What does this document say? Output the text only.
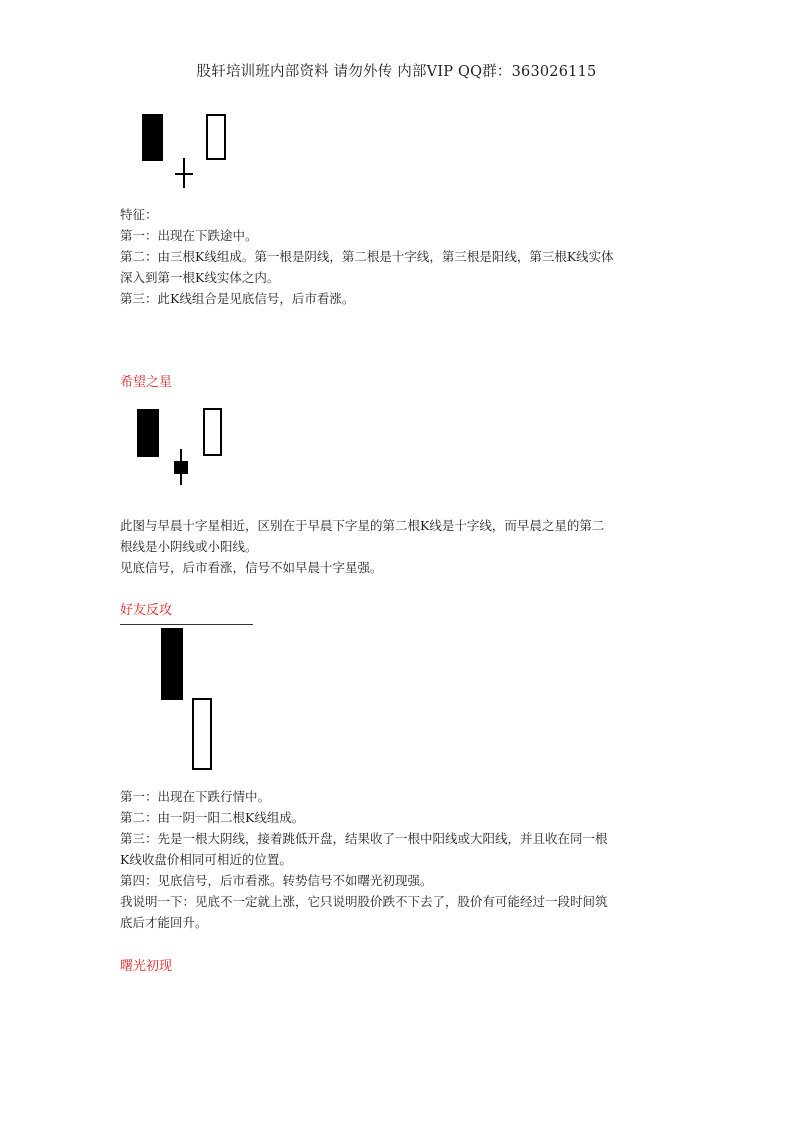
股轩培训班内部资料 请勿外传 内部VIP QQ群：363026115
特征：
第一：出现在下跌途中。
第二：由三根K线组成。第一根是阴线，第二根是十字线，第三根是阳线，第三根K线实体
深入到第一根K线实体之内。
第三：此K线组合是见底信号，后市看涨。
希望之星
此图与早晨十字星相近，区别在于早晨下字星的第二根K线是十字线，而早晨之星的第二
根线是小阴线或小阳线。
见底信号，后市看涨，信号不如早晨十字星强。
好友反攻
第一：出现在下跌行情中。
第二：由一阴一阳二根K线组成。
第三：先是一根大阴线，接着跳低开盘，结果收了一根中阳线或大阳线，并且收在同一根
K线收盘价相同可相近的位置。
第四：见底信号，后市看涨。转势信号不如曙光初现强。
我说明一下：见底不一定就上涨，它只说明股价跌不下去了，股价有可能经过一段时间筑
底后才能回升。
曙光初现
